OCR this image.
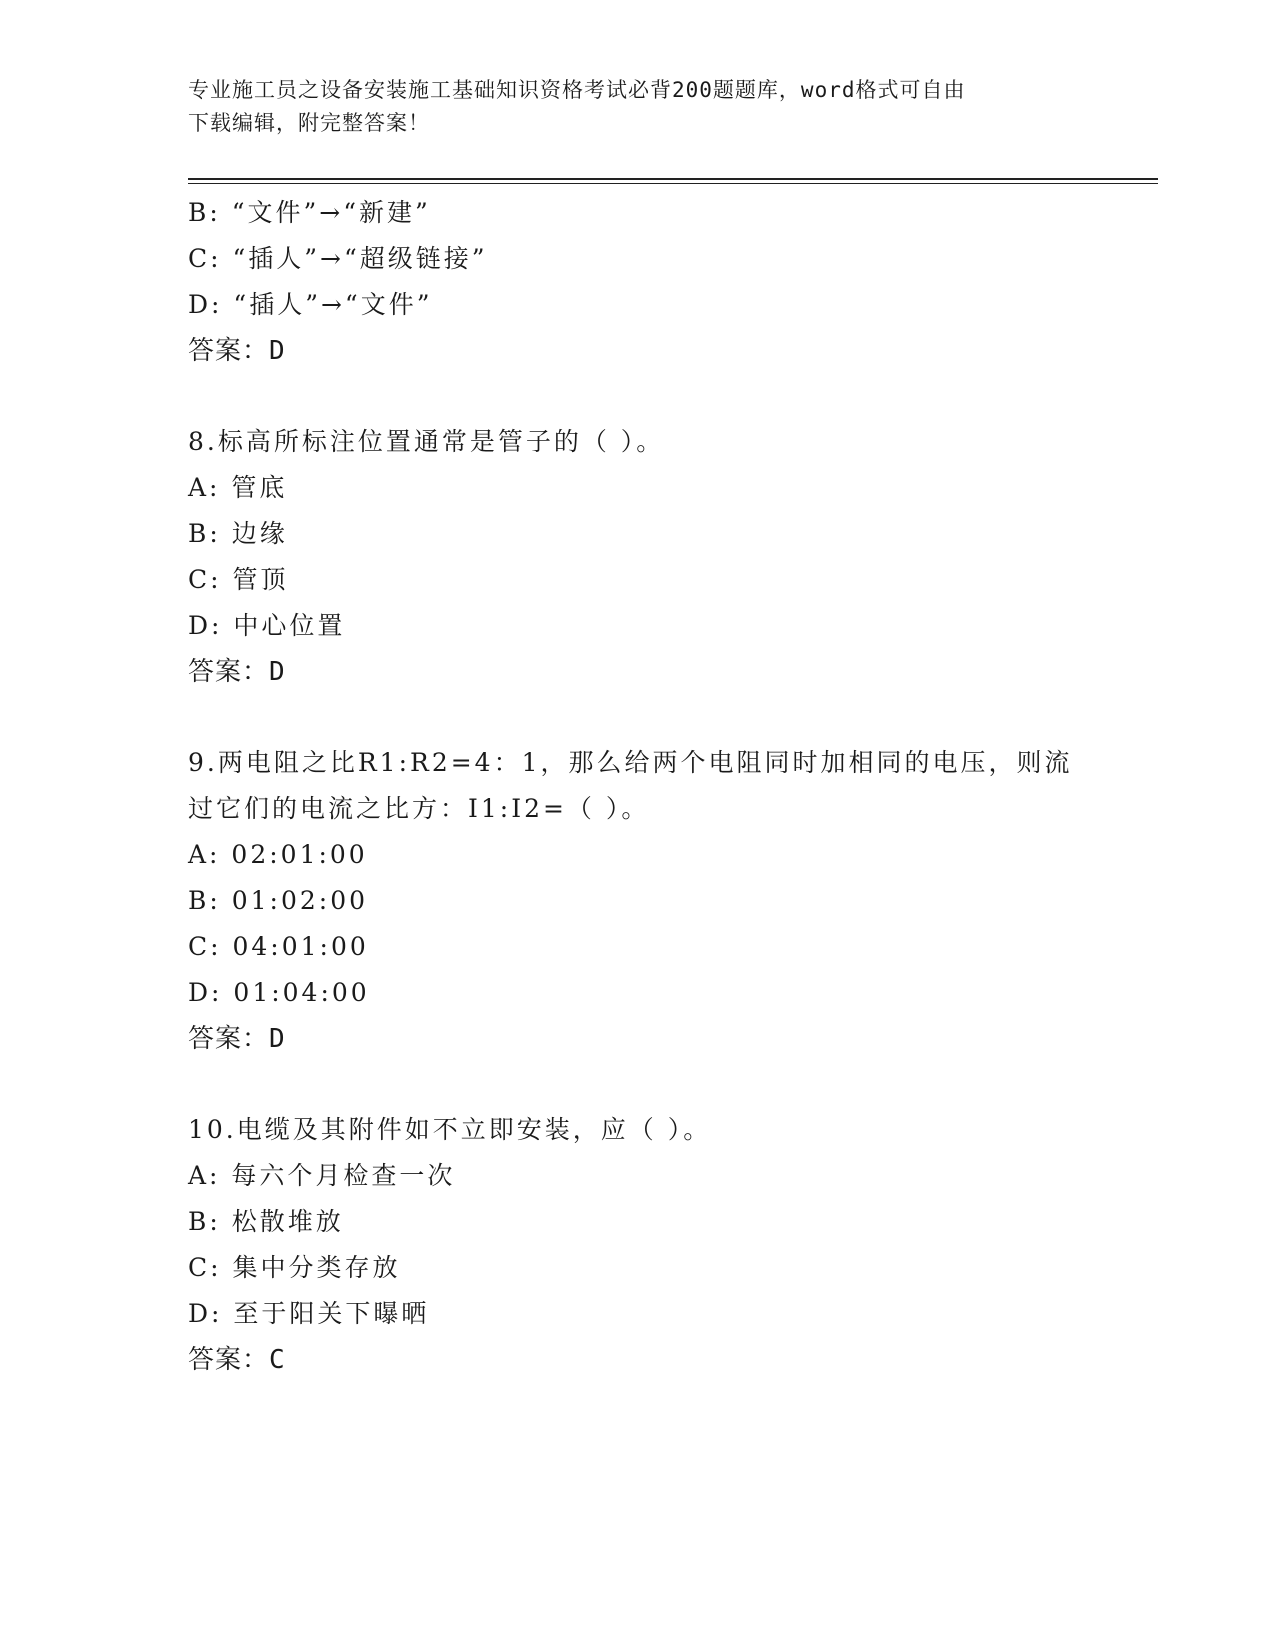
专业施工员之设备安装施工基础知识资格考试必背200题题库，word格式可自由
下载编辑，附完整答案！
B: “文件”→“新建”
C: “插人”→“超级链接”
D: “插人”→“文件”
答案：D
8.标高所标注位置通常是管子的（ ）。
A: 管底
B: 边缘
C: 管顶
D: 中心位置
答案：D
9.两电阻之比R1:R2=4：1，那么给两个电阻同时加相同的电压，则流
过它们的电流之比方：I1:I2=（ ）。
A: 02:01:00
B: 01:02:00
C: 04:01:00
D: 01:04:00
答案：D
10.电缆及其附件如不立即安装，应（ ）。
A: 每六个月检查一次
B: 松散堆放
C: 集中分类存放
D: 至于阳关下曝晒
答案：C
